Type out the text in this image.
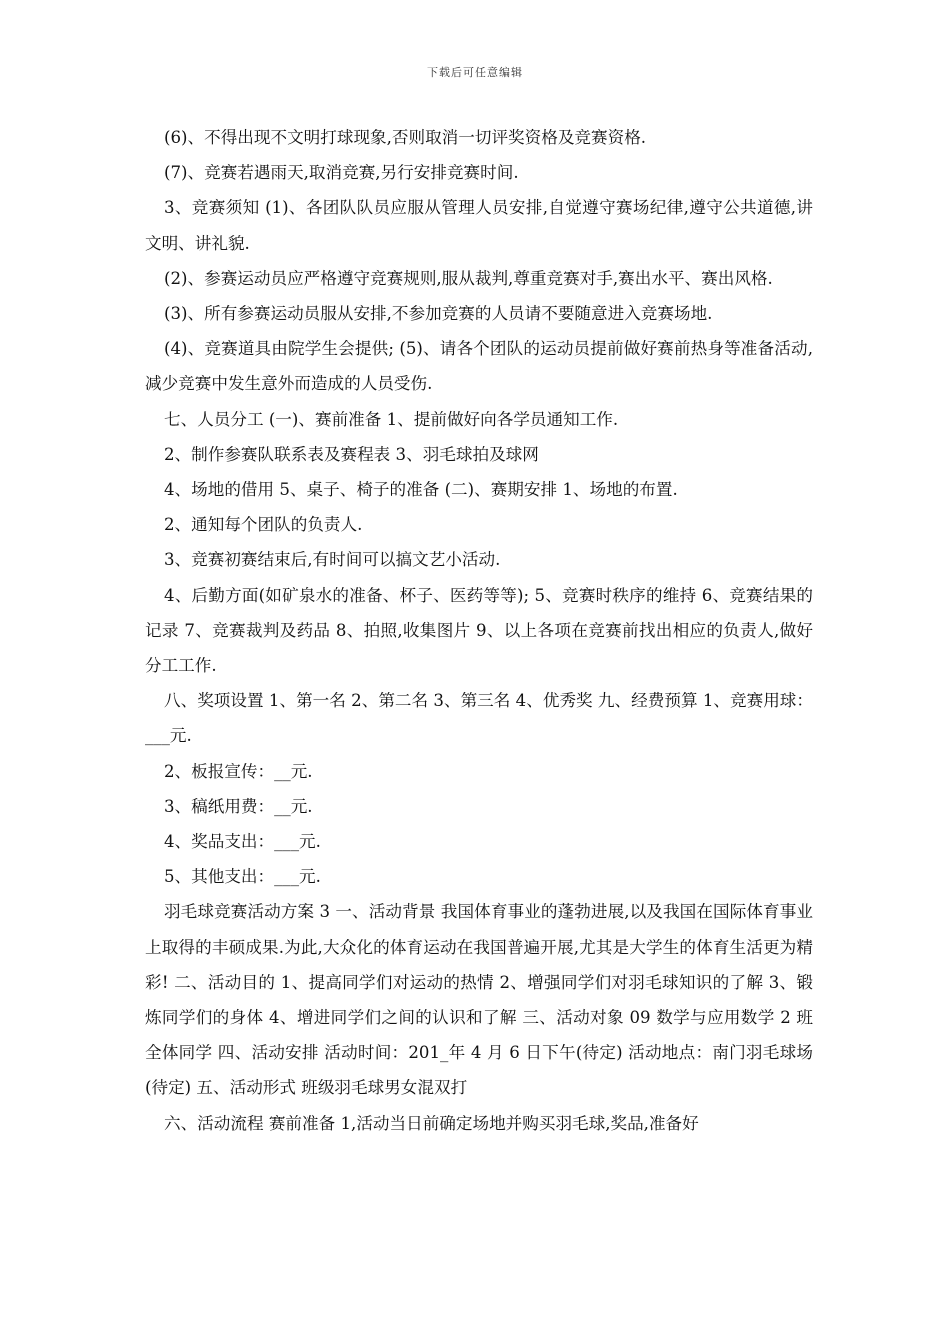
下载后可任意编辑

(6)、不得出现不文明打球现象,否则取消一切评奖资格及竞赛资格.

(7)、竞赛若遇雨天,取消竞赛,另行安排竞赛时间.

3、竞赛须知 (1)、各团队队员应服从管理人员安排,自觉遵守赛场纪律,遵守公共道德,讲文明、讲礼貌.

(2)、参赛运动员应严格遵守竞赛规则,服从裁判,尊重竞赛对手,赛出水平、赛出风格.

(3)、所有参赛运动员服从安排,不参加竞赛的人员请不要随意进入竞赛场地.

(4)、竞赛道具由院学生会提供; (5)、请各个团队的运动员提前做好赛前热身等准备活动,减少竞赛中发生意外而造成的人员受伤.

七、人员分工 (一)、赛前准备 1、提前做好向各学员通知工作.

2、制作参赛队联系表及赛程表 3、羽毛球拍及球网

4、场地的借用 5、桌子、椅子的准备 (二)、赛期安排 1、场地的布置.

2、通知每个团队的负责人.

3、竞赛初赛结束后,有时间可以搞文艺小活动.

4、后勤方面(如矿泉水的准备、杯子、医药等等); 5、竞赛时秩序的维持 6、竞赛结果的记录 7、竞赛裁判及药品 8、拍照,收集图片 9、以上各项在竞赛前找出相应的负责人,做好分工工作.

八、奖项设置 1、第一名 2、第二名 3、第三名 4、优秀奖 九、经费预算 1、竞赛用球：___元.

2、板报宣传：__元.

3、稿纸用费：__元.

4、奖品支出：___元.

5、其他支出：___元.

羽毛球竞赛活动方案 3 一、活动背景 我国体育事业的蓬勃进展,以及我国在国际体育事业上取得的丰硕成果.为此,大众化的体育运动在我国普遍开展,尤其是大学生的体育生活更为精彩! 二、活动目的 1、提高同学们对运动的热情 2、增强同学们对羽毛球知识的了解 3、锻炼同学们的身体 4、增进同学们之间的认识和了解 三、活动对象 09 数学与应用数学 2 班全体同学 四、活动安排 活动时间：201_年 4 月 6 日下午(待定) 活动地点：南门羽毛球场(待定) 五、活动形式 班级羽毛球男女混双打

六、活动流程 赛前准备 1,活动当日前确定场地并购买羽毛球,奖品,准备好
